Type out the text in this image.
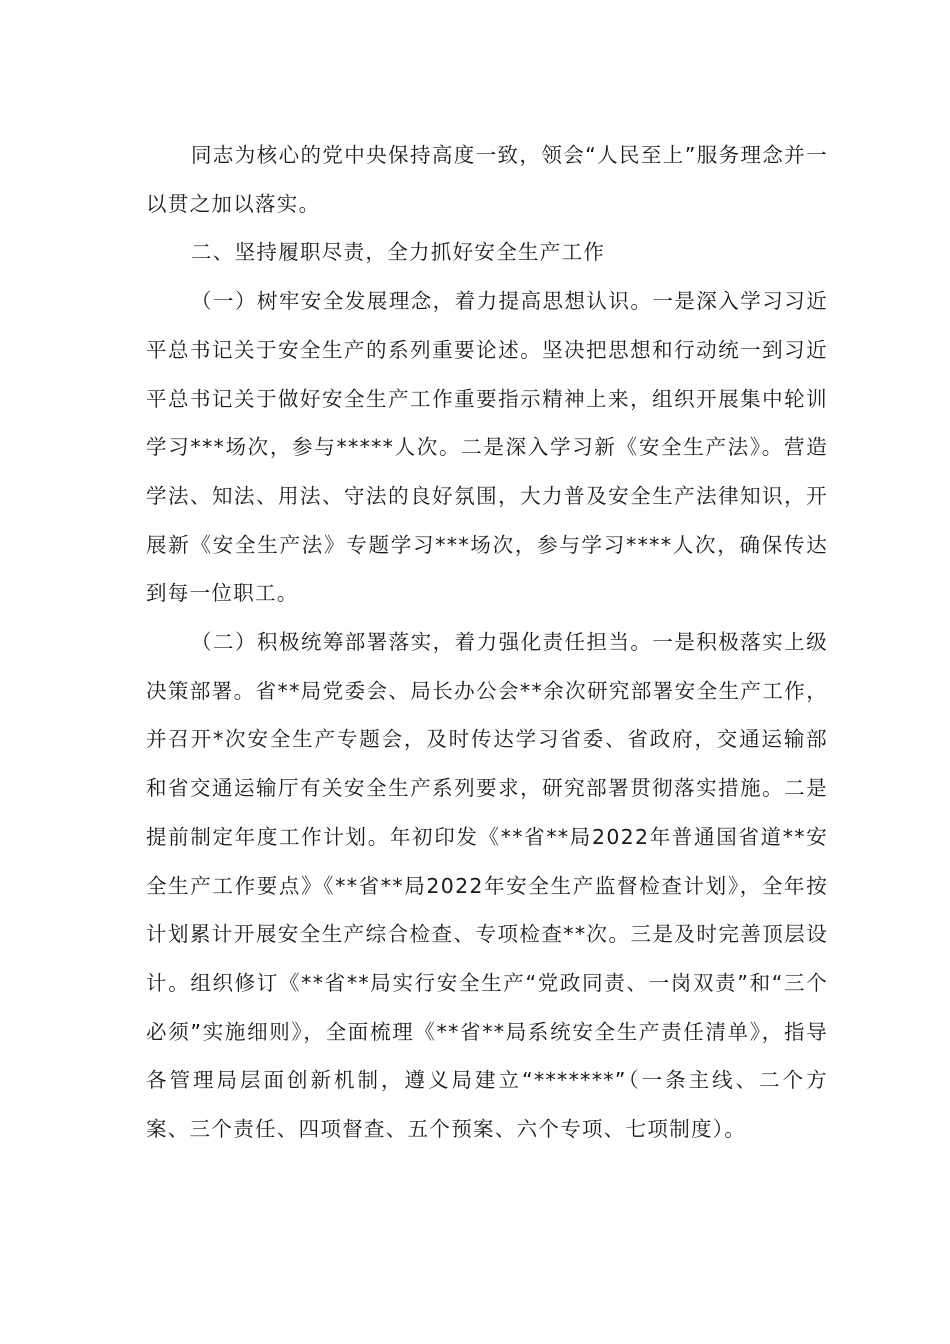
同志为核心的党中央保持高度一致，领会“人民至上”服务理念并一以贯之加以落实。

二、坚持履职尽责，全力抓好安全生产工作

（一）树牢安全发展理念，着力提高思想认识。一是深入学习习近平总书记关于安全生产的系列重要论述。坚决把思想和行动统一到习近平总书记关于做好安全生产工作重要指示精神上来，组织开展集中轮训学习***场次，参与*****人次。二是深入学习新《安全生产法》。营造学法、知法、用法、守法的良好氛围，大力普及安全生产法律知识，开展新《安全生产法》专题学习***场次，参与学习****人次，确保传达到每一位职工。

（二）积极统筹部署落实，着力强化责任担当。一是积极落实上级决策部署。省**局党委会、局长办公会**余次研究部署安全生产工作，并召开*次安全生产专题会，及时传达学习省委、省政府，交通运输部和省交通运输厅有关安全生产系列要求，研究部署贯彻落实措施。二是提前制定年度工作计划。年初印发《**省**局2022年普通国省道**安全生产工作要点》《**省**局2022年安全生产监督检查计划》，全年按计划累计开展安全生产综合检查、专项检查**次。三是及时完善顶层设计。组织修订《**省**局实行安全生产“党政同责、一岗双责”和“三个必须”实施细则》，全面梳理《**省**局系统安全生产责任清单》，指导各管理局层面创新机制，遵义局建立“*******”（一条主线、二个方案、三个责任、四项督查、五个预案、六个专项、七项制度）。
